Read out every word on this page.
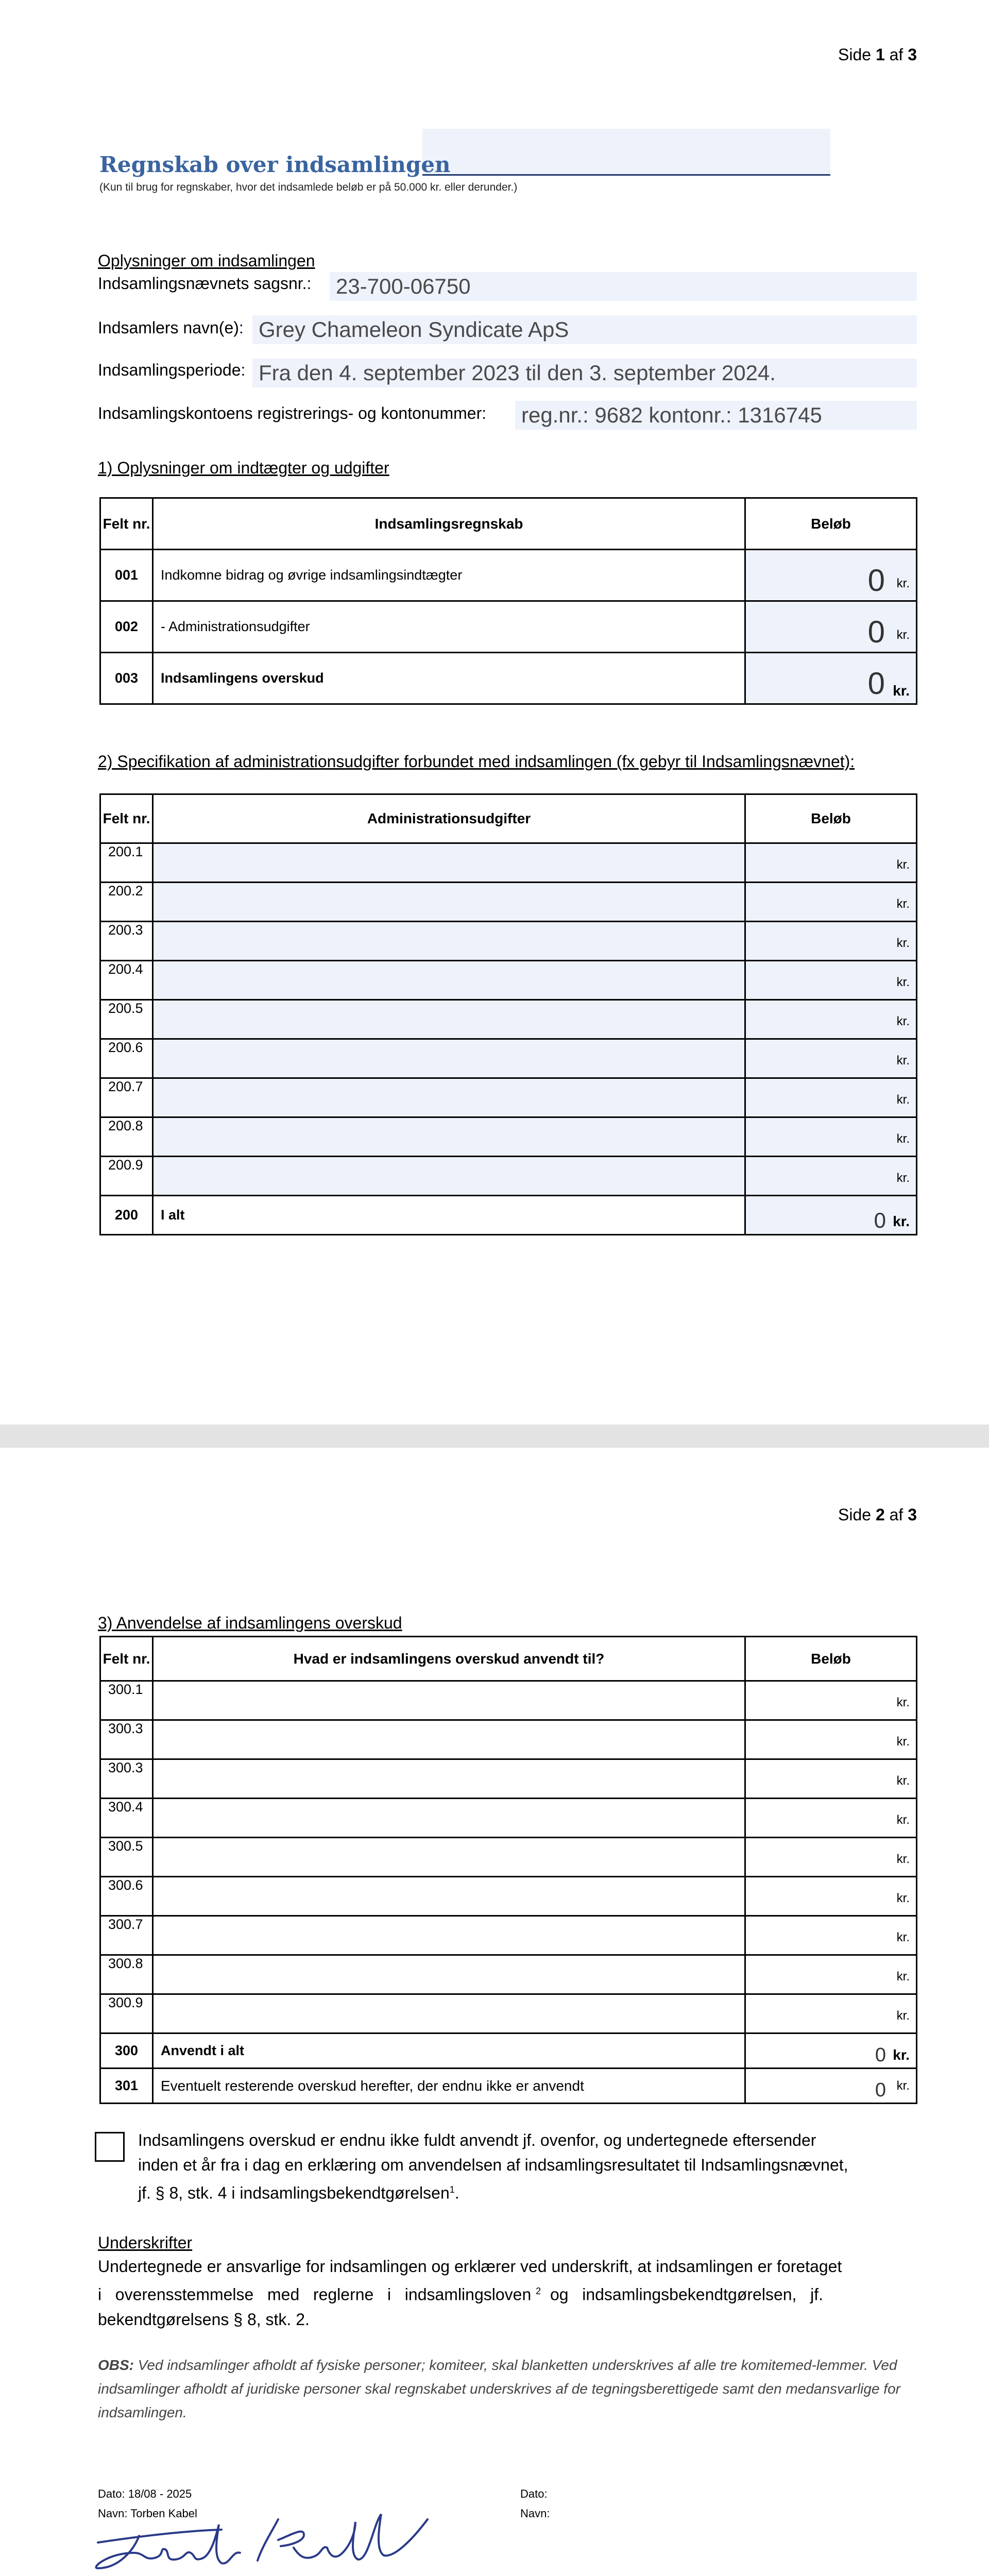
Side 1 af 3
Regnskab over indsamlingen
(Kun til brug for regnskaber, hvor det indsamlede beløb er på 50.000 kr. eller derunder.)
Oplysninger om indsamlingen
Indsamlingsnævnets sagsnr.: 23-700-06750
Indsamlers navn(e): Grey Chameleon Syndicate ApS
Indsamlingsperiode: Fra den 4. september 2023 til den 3. september 2024.
Indsamlingskontoens registrerings- og kontonummer: reg.nr.: 9682 kontonr.: 1316745
1) Oplysninger om indtægter og udgifter
Felt nr.	Indsamlingsregnskab	Beløb
001	Indkomne bidrag og øvrige indsamlingsindtægter	0 kr.

002	- Administrationsudgifter	0 kr.

003	Indsamlingens overskud	0 kr.
2) Specifikation af administrationsudgifter forbundet med indsamlingen (fx gebyr til Indsamlingsnævnet):
Felt nr.	Administrationsudgifter	Beløb
200.1		kr.

200.2		kr.

200.3		kr.

200.4		kr.

200.5		kr.

200.6		kr.

200.7		kr.

200.8		kr.

200.9		kr.

200	I alt	0 kr.
Side 2 af 3
3) Anvendelse af indsamlingens overskud
Felt nr.	Hvad er indsamlingens overskud anvendt til?	Beløb
300.1		kr.

300.3		kr.

300.3		kr.

300.4		kr.

300.5		kr.

300.6		kr.

300.7		kr.

300.8		kr.

300.9		kr.

300	Anvendt i alt	0 kr.

301	Eventuelt resterende overskud herefter, der endnu ikke er anvendt	0 kr.
Indsamlingens overskud er endnu ikke fuldt anvendt jf. ovenfor, og undertegnede eftersender
inden et år fra i dag en erklæring om anvendelsen af indsamlingsresultatet til Indsamlingsnævnet,
jf. § 8, stk. 4 i indsamlingsbekendtgørelsen$^1$.
Underskrifter
Undertegnede er ansvarlige for indsamlingen og erklærer ved underskrift, at indsamlingen er foretaget
i   overensstemmelse   med   reglerne   i   indsamlingsloven $^2$  og   indsamlingsbekendtgørelsen,   jf.
bekendtgørelsens § 8, stk. 2.
OBS: Ved indsamlinger afholdt af fysiske personer; komiteer, skal blanketten underskrives af alle tre komitemed-lemmer. Ved indsamlinger afholdt af juridiske personer skal regnskabet underskrives af de tegningsberettigede samt den medansvarlige for indsamlingen.
Dato: 18/08 - 2025
Navn: Torben Kabel
Dato:
Navn:
